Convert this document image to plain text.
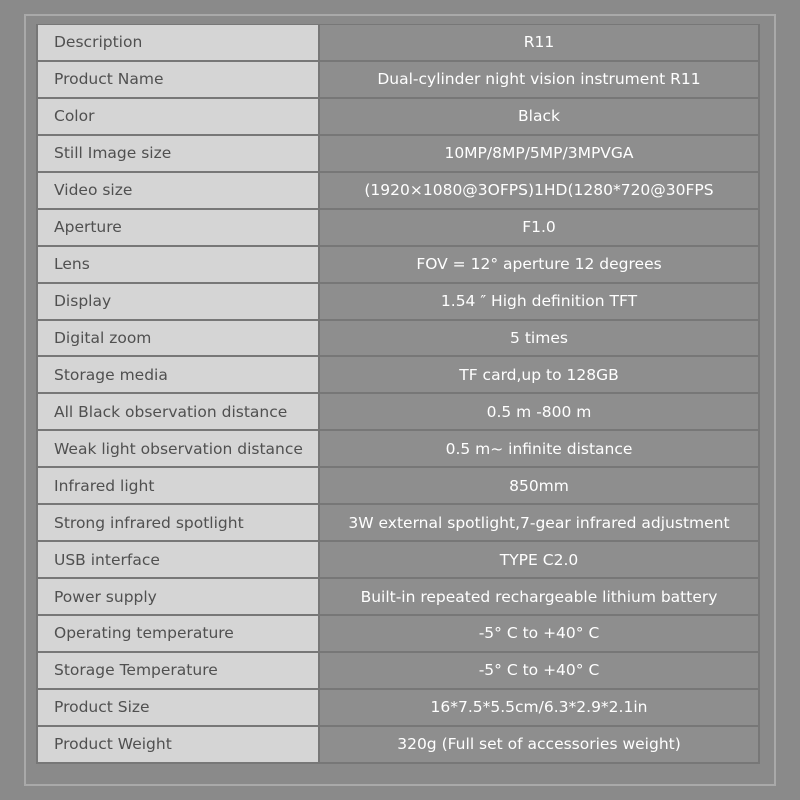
Description	R11
Product Name	Dual-cylinder night vision instrument R11
Color	Black
Still Image size	10MP/8MP/5MP/3MPVGA
Video size	(1920×1080@3OFPS)1HD(1280*720@30FPS
Aperture	F1.0
Lens	FOV = 12° aperture 12 degrees
Display	1.54 ″ High definition TFT
Digital zoom	5 times
Storage media	TF card,up to 128GB
All Black observation distance	0.5 m -800 m
Weak light observation distance	0.5 m~ infinite distance
Infrared light	850mm
Strong infrared spotlight	3W external spotlight,7-gear infrared adjustment
USB interface	TYPE C2.0
Power supply	Built-in repeated rechargeable lithium battery
Operating temperature	-5° C to +40° C
Storage Temperature	-5° C to +40° C
Product Size	16*7.5*5.5cm/6.3*2.9*2.1in
Product Weight	320g (Full set of accessories weight)
